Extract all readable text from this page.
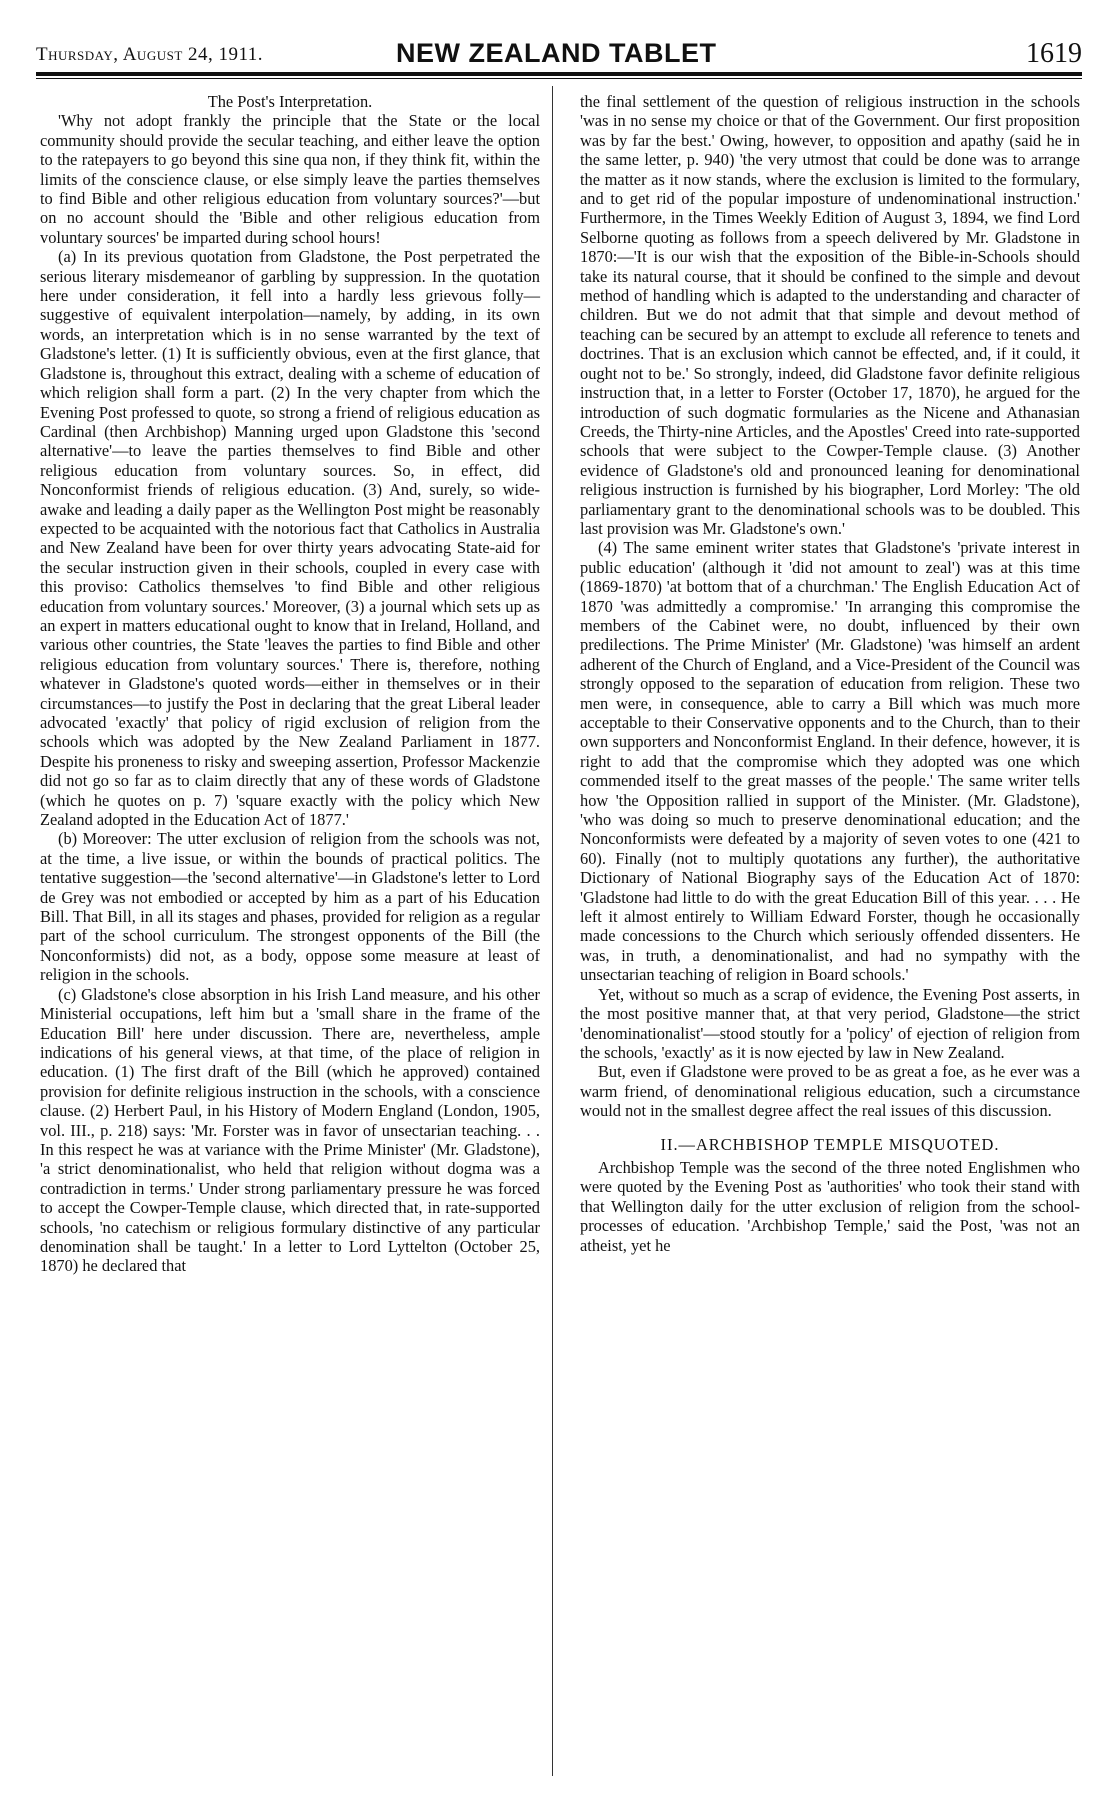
Thursday, August 24, 1911.	NEW ZEALAND TABLET	1619

The Post's Interpretation.

'Why not adopt frankly the principle that the State or the local community should provide the secular teaching, and either leave the option to the ratepayers to go beyond this sine qua non, if they think fit, within the limits of the conscience clause, or else simply leave the parties themselves to find Bible and other religious education from voluntary sources?'—but on no account should the 'Bible and other religious education from voluntary sources' be imparted during school hours!

(a) In its previous quotation from Gladstone, the Post perpetrated the serious literary misdemeanor of garbling by suppression. In the quotation here under consideration, it fell into a hardly less grievous folly—suggestive of equivalent interpolation—namely, by adding, in its own words, an interpretation which is in no sense warranted by the text of Gladstone's letter. (1) It is sufficiently obvious, even at the first glance, that Gladstone is, throughout this extract, dealing with a scheme of education of which religion shall form a part. (2) In the very chapter from which the Evening Post professed to quote, so strong a friend of religious education as Cardinal (then Archbishop) Manning urged upon Gladstone this 'second alternative'—to leave the parties themselves to find Bible and other religious education from voluntary sources. So, in effect, did Nonconformist friends of religious education. (3) And, surely, so wide-awake and leading a daily paper as the Wellington Post might be reasonably expected to be acquainted with the notorious fact that Catholics in Australia and New Zealand have been for over thirty years advocating State-aid for the secular instruction given in their schools, coupled in every case with this proviso: Catholics themselves 'to find Bible and other religious education from voluntary sources.' Moreover, (3) a journal which sets up as an expert in matters educational ought to know that in Ireland, Holland, and various other countries, the State 'leaves the parties to find Bible and other religious education from voluntary sources.' There is, therefore, nothing whatever in Gladstone's quoted words—either in themselves or in their circumstances—to justify the Post in declaring that the great Liberal leader advocated 'exactly' that policy of rigid exclusion of religion from the schools which was adopted by the New Zealand Parliament in 1877. Despite his proneness to risky and sweeping assertion, Professor Mackenzie did not go so far as to claim directly that any of these words of Gladstone (which he quotes on p. 7) 'square exactly with the policy which New Zealand adopted in the Education Act of 1877.'

(b) Moreover: The utter exclusion of religion from the schools was not, at the time, a live issue, or within the bounds of practical politics. The tentative suggestion—the 'second alternative'—in Gladstone's letter to Lord de Grey was not embodied or accepted by him as a part of his Education Bill. That Bill, in all its stages and phases, provided for religion as a regular part of the school curriculum. The strongest opponents of the Bill (the Nonconformists) did not, as a body, oppose some measure at least of religion in the schools.

(c) Gladstone's close absorption in his Irish Land measure, and his other Ministerial occupations, left him but a 'small share in the frame of the Education Bill' here under discussion. There are, nevertheless, ample indications of his general views, at that time, of the place of religion in education. (1) The first draft of the Bill (which he approved) contained provision for definite religious instruction in the schools, with a conscience clause. (2) Herbert Paul, in his History of Modern England (London, 1905, vol. III., p. 218) says: 'Mr. Forster was in favor of unsectarian teaching. . . In this respect he was at variance with the Prime Minister' (Mr. Gladstone), 'a strict denominationalist, who held that religion without dogma was a contradiction in terms.' Under strong parliamentary pressure he was forced to accept the Cowper-Temple clause, which directed that, in rate-supported schools, 'no catechism or religious formulary distinctive of any particular denomination shall be taught.' In a letter to Lord Lyttelton (October 25, 1870) he declared that

the final settlement of the question of religious instruction in the schools 'was in no sense my choice or that of the Government. Our first proposition was by far the best.' Owing, however, to opposition and apathy (said he in the same letter, p. 940) 'the very utmost that could be done was to arrange the matter as it now stands, where the exclusion is limited to the formulary, and to get rid of the popular imposture of undenominational instruction.' Furthermore, in the Times Weekly Edition of August 3, 1894, we find Lord Selborne quoting as follows from a speech delivered by Mr. Gladstone in 1870:—'It is our wish that the exposition of the Bible-in-Schools should take its natural course, that it should be confined to the simple and devout method of handling which is adapted to the understanding and character of children. But we do not admit that that simple and devout method of teaching can be secured by an attempt to exclude all reference to tenets and doctrines. That is an exclusion which cannot be effected, and, if it could, it ought not to be.' So strongly, indeed, did Gladstone favor definite religious instruction that, in a letter to Forster (October 17, 1870), he argued for the introduction of such dogmatic formularies as the Nicene and Athanasian Creeds, the Thirty-nine Articles, and the Apostles' Creed into rate-supported schools that were subject to the Cowper-Temple clause. (3) Another evidence of Gladstone's old and pronounced leaning for denominational religious instruction is furnished by his biographer, Lord Morley: 'The old parliamentary grant to the denominational schools was to be doubled. This last provision was Mr. Gladstone's own.'

(4) The same eminent writer states that Gladstone's 'private interest in public education' (although it 'did not amount to zeal') was at this time (1869-1870) 'at bottom that of a churchman.' The English Education Act of 1870 'was admittedly a compromise.' 'In arranging this compromise the members of the Cabinet were, no doubt, influenced by their own predilections. The Prime Minister' (Mr. Gladstone) 'was himself an ardent adherent of the Church of England, and a Vice-President of the Council was strongly opposed to the separation of education from religion. These two men were, in consequence, able to carry a Bill which was much more acceptable to their Conservative opponents and to the Church, than to their own supporters and Nonconformist England. In their defence, however, it is right to add that the compromise which they adopted was one which commended itself to the great masses of the people.' The same writer tells how 'the Opposition rallied in support of the Minister. (Mr. Gladstone), 'who was doing so much to preserve denominational education; and the Nonconformists were defeated by a majority of seven votes to one (421 to 60). Finally (not to multiply quotations any further), the authoritative Dictionary of National Biography says of the Education Act of 1870: 'Gladstone had little to do with the great Education Bill of this year. . . . He left it almost entirely to William Edward Forster, though he occasionally made concessions to the Church which seriously offended dissenters. He was, in truth, a denominationalist, and had no sympathy with the unsectarian teaching of religion in Board schools.'

Yet, without so much as a scrap of evidence, the Evening Post asserts, in the most positive manner that, at that very period, Gladstone—the strict 'denominationalist'—stood stoutly for a 'policy' of ejection of religion from the schools, 'exactly' as it is now ejected by law in New Zealand.

But, even if Gladstone were proved to be as great a foe, as he ever was a warm friend, of denominational religious education, such a circumstance would not in the smallest degree affect the real issues of this discussion.

II.—ARCHBISHOP TEMPLE MISQUOTED.

Archbishop Temple was the second of the three noted Englishmen who were quoted by the Evening Post as 'authorities' who took their stand with that Wellington daily for the utter exclusion of religion from the school-processes of education. 'Archbishop Temple,' said the Post, 'was not an atheist, yet he
